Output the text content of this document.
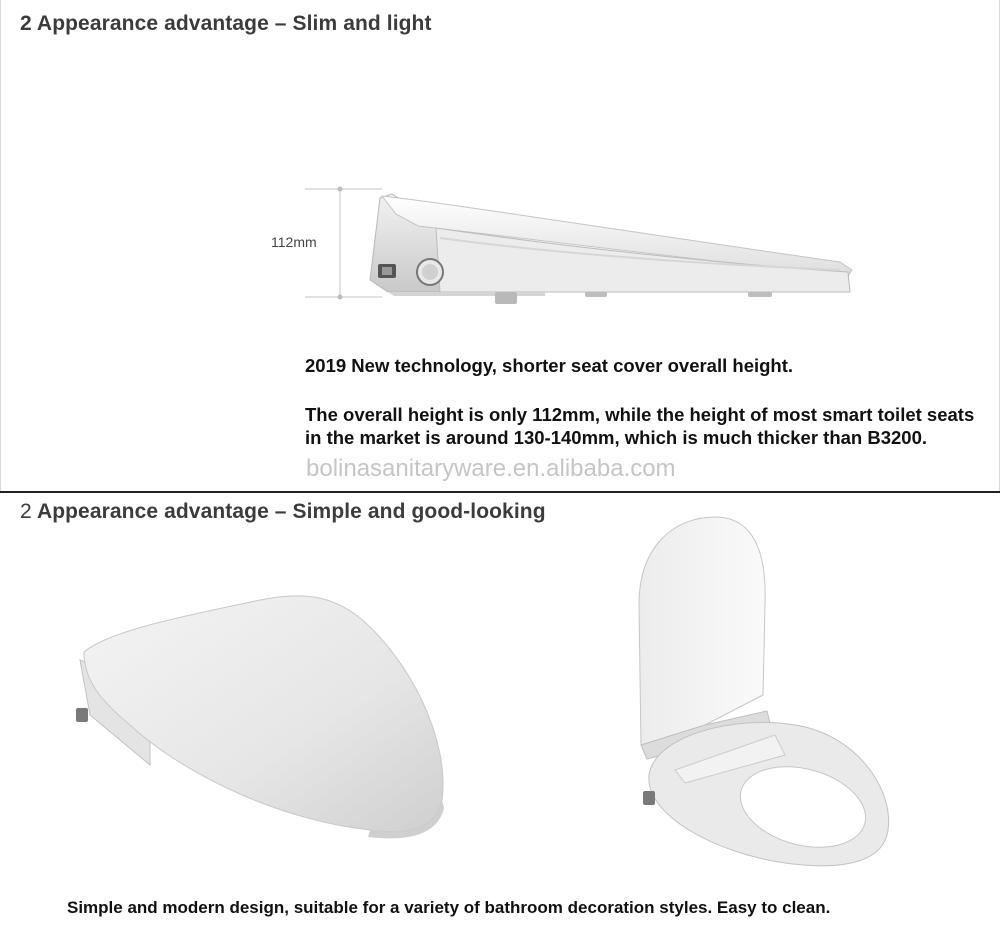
2 Appearance advantage – Slim and light
112mm
2019 New technology, shorter seat cover overall height.
The overall height is only 112mm, while the height of most smart toilet seats in the market is around 130-140mm, which is much thicker than B3200.
bolinasanitaryware.en.alibaba.com
2 Appearance advantage – Simple and good-looking
Simple and modern design, suitable for a variety of bathroom decoration styles. Easy to clean.
